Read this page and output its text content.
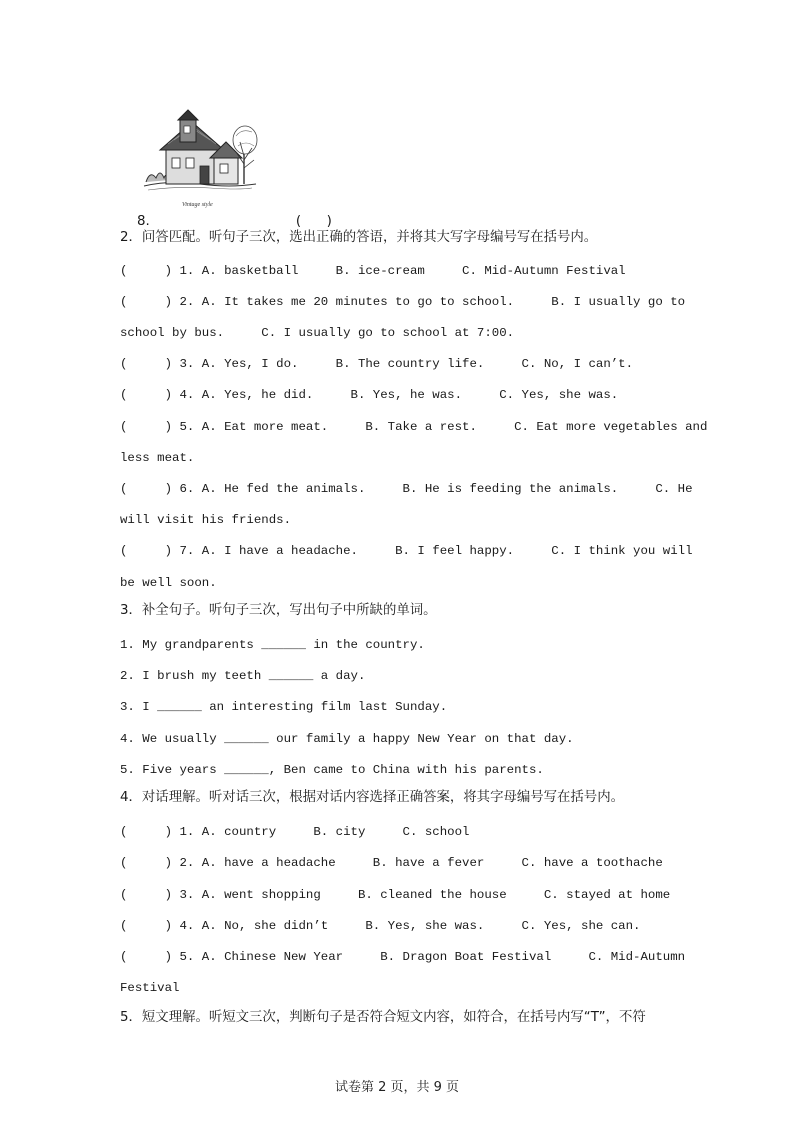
Vintage style

8.	(      )

2．问答匹配。听句子三次，选出正确的答语，并将其大写字母编号写在括号内。
(     ) 1. A. basketball     B. ice-cream     C. Mid-Autumn Festival
(     ) 2. A. It takes me 20 minutes to go to school.     B. I usually go to
school by bus.     C. I usually go to school at 7:00.
(     ) 3. A. Yes, I do.     B. The country life.     C. No, I can’t.
(     ) 4. A. Yes, he did.     B. Yes, he was.     C. Yes, she was.
(     ) 5. A. Eat more meat.     B. Take a rest.     C. Eat more vegetables and
less meat.
(     ) 6. A. He fed the animals.     B. He is feeding the animals.     C. He
will visit his friends.
(     ) 7. A. I have a headache.     B. I feel happy.     C. I think you will
be well soon.
3．补全句子。听句子三次，写出句子中所缺的单词。
1. My grandparents ______ in the country.
2. I brush my teeth ______ a day.
3. I ______ an interesting film last Sunday.
4. We usually ______ our family a happy New Year on that day.
5. Five years ______, Ben came to China with his parents.
4．对话理解。听对话三次，根据对话内容选择正确答案，将其字母编号写在括号内。
(     ) 1. A. country     B. city     C. school
(     ) 2. A. have a headache     B. have a fever     C. have a toothache
(     ) 3. A. went shopping     B. cleaned the house     C. stayed at home
(     ) 4. A. No, she didn’t     B. Yes, she was.     C. Yes, she can.
(     ) 5. A. Chinese New Year     B. Dragon Boat Festival     C. Mid-Autumn
Festival
5．短文理解。听短文三次，判断句子是否符合短文内容，如符合，在括号内写“T”，不符
试卷第 2 页，共 9 页
